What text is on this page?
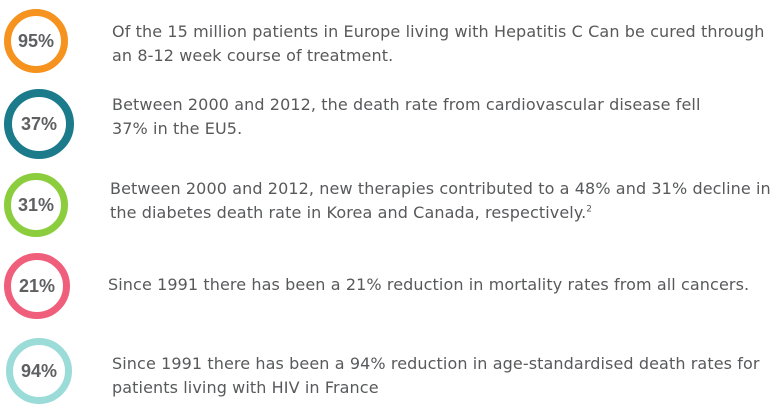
95%	Of the 15 million patients in Europe living with Hepatitis C Can be cured through an 8-12 week course of treatment.

37%

Between 2000 and 2012, the death rate from cardiovascular disease fell 37% in the EU5.

31%

Between 2000 and 2012, new therapies contributed to a 48% and 31% decline in the diabetes death rate in Korea and Canada, respectively.$^2$

21%	Since 1991 there has been a 21% reduction in mortality rates from all cancers.

94%	Since 1991 there has been a 94% reduction in age-standardised death rates for patients living with HIV in France
